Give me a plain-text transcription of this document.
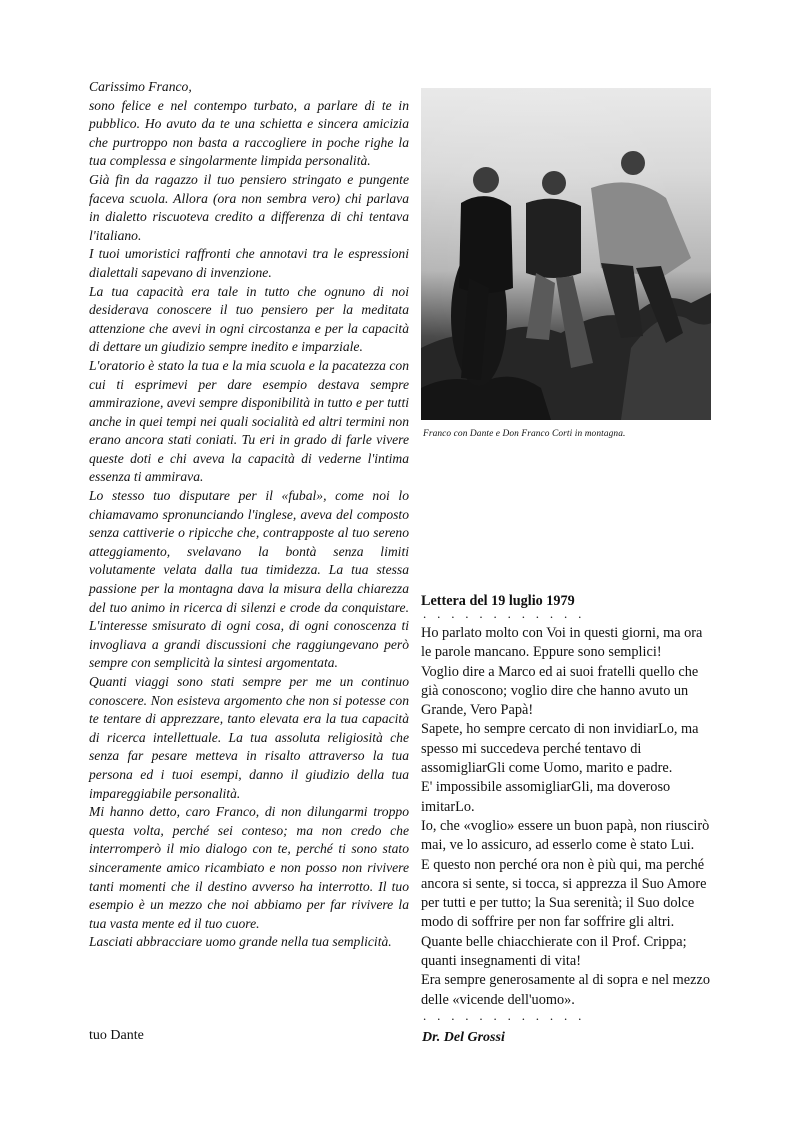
Carissimo Franco,

sono felice e nel contempo turbato, a parlare di te in pubblico. Ho avuto da te una schietta e sincera amicizia che purtroppo non basta a raccogliere in poche righe la tua complessa e singolarmente limpida personalità.

Già fin da ragazzo il tuo pensiero stringato e pungente faceva scuola. Allora (ora non sembra vero) chi parlava in dialetto riscuoteva credito a differenza di chi tentava l'italiano.

I tuoi umoristici raffronti che annotavi tra le espressioni dialettali sapevano di invenzione.

La tua capacità era tale in tutto che ognuno di noi desiderava conoscere il tuo pensiero per la meditata attenzione che avevi in ogni circostanza e per la capacità di dettare un giudizio sempre inedito e imparziale.

L'oratorio è stato la tua e la mia scuola e la pacatezza con cui ti esprimevi per dare esempio destava sempre ammirazione, avevi sempre disponibilità in tutto e per tutti anche in quei tempi nei quali socialità ed altri termini non erano ancora stati coniati. Tu eri in grado di farle vivere queste doti e chi aveva la capacità di vederne l'intima essenza ti ammirava.

Lo stesso tuo disputare per il «fubal», come noi lo chiamavamo spronunciando l'inglese, aveva del composto senza cattiverie o ripicche che, contrapposte al tuo sereno atteggiamento, svelavano la bontà senza limiti volutamente velata dalla tua timidezza. La tua stessa passione per la montagna dava la misura della chiarezza del tuo animo in ricerca di silenzi e crode da conquistare. L'interesse smisurato di ogni cosa, di ogni conoscenza ti invogliava a grandi discussioni che raggiungevano però sempre con semplicità la sintesi argomentata.

Quanti viaggi sono stati sempre per me un continuo conoscere. Non esisteva argomento che non si potesse con te tentare di apprezzare, tanto elevata era la tua capacità di ricerca intellettuale. La tua assoluta religiosità che senza far pesare metteva in risalto attraverso la tua persona ed i tuoi esempi, danno il giudizio della tua impareggiabile personalità.

Mi hanno detto, caro Franco, di non dilungarmi troppo questa volta, perché sei conteso; ma non credo che interromperò il mio dialogo con te, perché ti sono stato sinceramente amico ricambiato e non posso non rivivere tanti momenti che il destino avverso ha interrotto. Il tuo esempio è un mezzo che noi abbiamo per far rivivere la tua vasta mente ed il tuo cuore.

Lasciati abbracciare uomo grande nella tua semplicità.

tuo Dante
Franco con Dante e Don Franco Corti in montagna.
Lettera del 19 luglio 1979
. . . . . . . . . . . .

Ho parlato molto con Voi in questi giorni, ma ora le parole mancano. Eppure sono semplici!

Voglio dire a Marco ed ai suoi fratelli quello che già conoscono; voglio dire che hanno avuto un Grande, Vero Papà!

Sapete, ho sempre cercato di non invidiarLo, ma spesso mi succedeva perché tentavo di assomigliarGli come Uomo, marito e padre.

E' impossibile assomigliarGli, ma doveroso imitarLo.

Io, che «voglio» essere un buon papà, non riuscirò mai, ve lo assicuro, ad esserlo come è stato Lui.

E questo non perché ora non è più qui, ma perché ancora si sente, si tocca, si apprezza il Suo Amore per tutti e per tutto; la Sua serenità; il Suo dolce modo di soffrire per non far soffrire gli altri.

Quante belle chiacchierate con il Prof. Crippa; quanti insegnamenti di vita!

Era sempre generosamente al di sopra e nel mezzo delle «vicende dell'uomo».

. . . . . . . . . . . .
Dr. Del Grossi
